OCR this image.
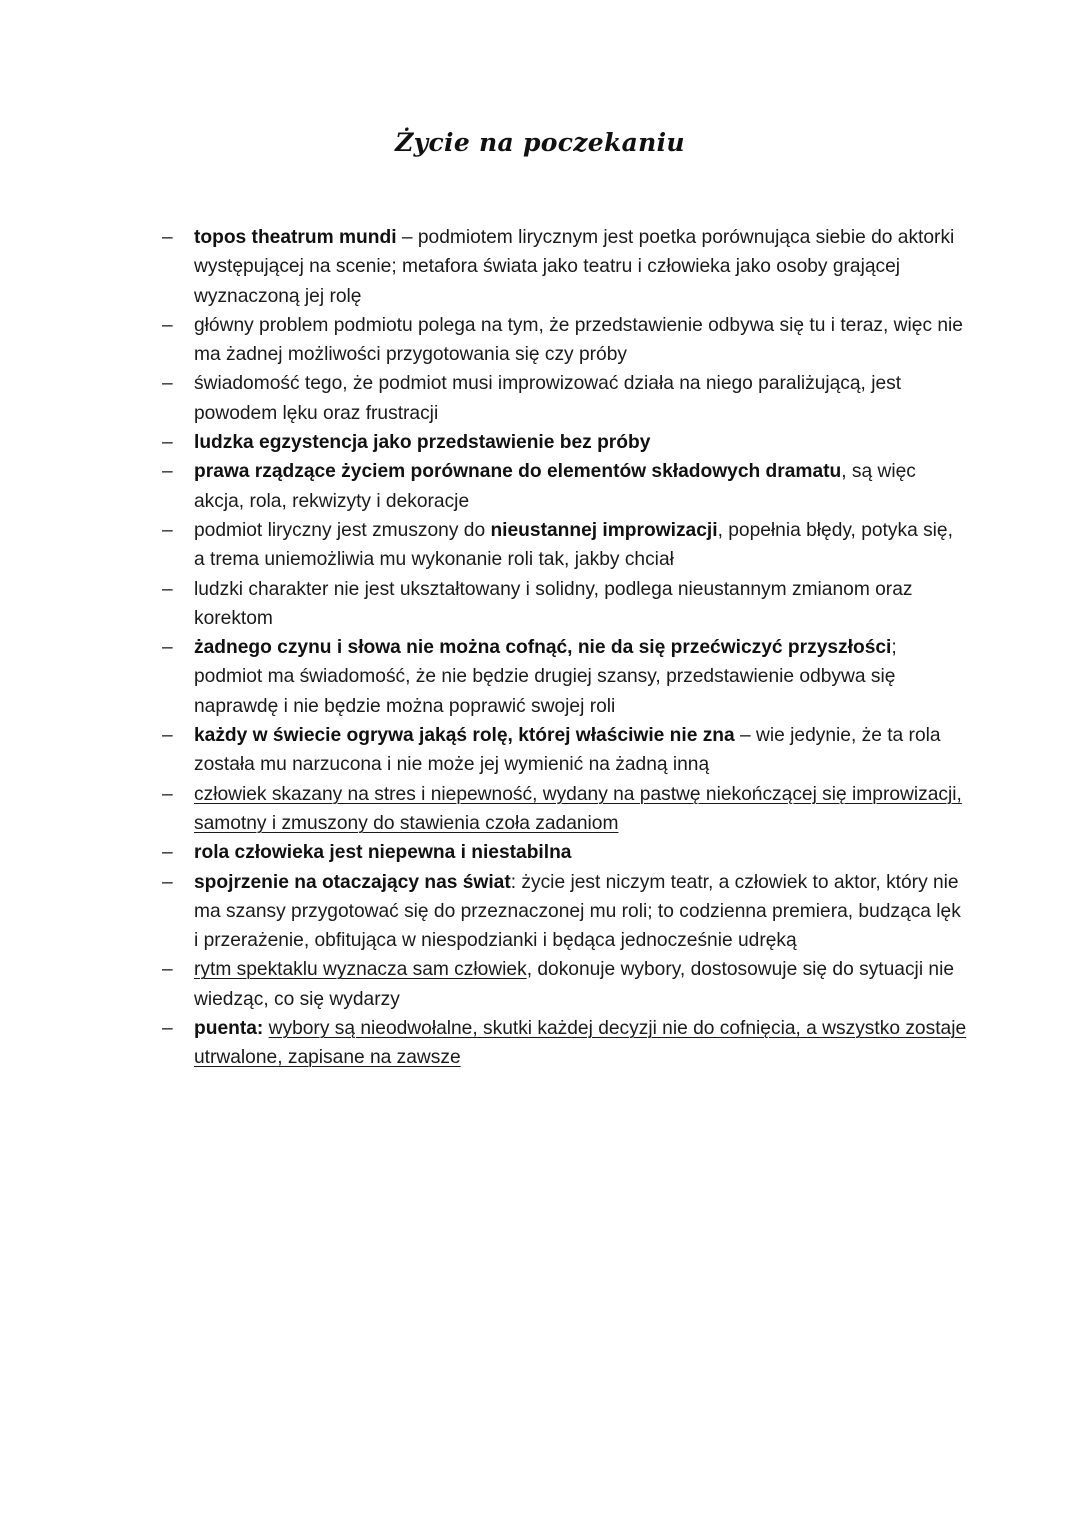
Życie na poczekaniu
– topos theatrum mundi – podmiotem lirycznym jest poetka porównująca siebie do aktorki występującej na scenie; metafora świata jako teatru i człowieka jako osoby grającej wyznaczoną jej rolę
– główny problem podmiotu polega na tym, że przedstawienie odbywa się tu i teraz, więc nie ma żadnej możliwości przygotowania się czy próby
– świadomość tego, że podmiot musi improwizować działa na niego paraliżującą, jest powodem lęku oraz frustracji
– ludzka egzystencja jako przedstawienie bez próby
– prawa rządzące życiem porównane do elementów składowych dramatu, są więc akcja, rola, rekwizyty i dekoracje
– podmiot liryczny jest zmuszony do nieustannej improwizacji, popełnia błędy, potyka się, a trema uniemożliwia mu wykonanie roli tak, jakby chciał
– ludzki charakter nie jest ukształtowany i solidny, podlega nieustannym zmianom oraz korektom
– żadnego czynu i słowa nie można cofnąć, nie da się przećwiczyć przyszłości; podmiot ma świadomość, że nie będzie drugiej szansy, przedstawienie odbywa się naprawdę i nie będzie można poprawić swojej roli
– każdy w świecie ogrywa jakąś rolę, której właściwie nie zna – wie jedynie, że ta rola została mu narzucona i nie może jej wymienić na żadną inną
– człowiek skazany na stres i niepewność, wydany na pastwę niekończącej się improwizacji, samotny i zmuszony do stawienia czoła zadaniom
– rola człowieka jest niepewna i niestabilna
– spojrzenie na otaczający nas świat: życie jest niczym teatr, a człowiek to aktor, który nie ma szansy przygotować się do przeznaczonej mu roli; to codzienna premiera, budząca lęk i przerażenie, obfitująca w niespodzianki i będąca jednocześnie udręką
– rytm spektaklu wyznacza sam człowiek, dokonuje wybory, dostosowuje się do sytuacji nie wiedząc, co się wydarzy
– puenta: wybory są nieodwołalne, skutki każdej decyzji nie do cofnięcia, a wszystko zostaje utrwalone, zapisane na zawsze
